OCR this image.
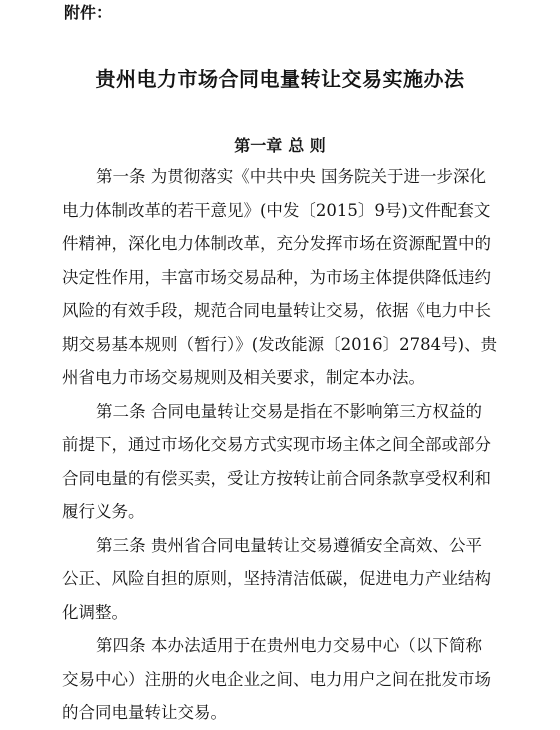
附件：
贵州电力市场合同电量转让交易实施办法
第一章 总 则
第一条 为贯彻落实《中共中央 国务院关于进一步深化
电力体制改革的若干意见》(中发〔2015〕9号)文件配套文
件精神，深化电力体制改革，充分发挥市场在资源配置中的
决定性作用，丰富市场交易品种，为市场主体提供降低违约
风险的有效手段，规范合同电量转让交易，依据《电力中长
期交易基本规则（暂行）》(发改能源〔2016〕2784号)、贵
州省电力市场交易规则及相关要求，制定本办法。
第二条 合同电量转让交易是指在不影响第三方权益的
前提下，通过市场化交易方式实现市场主体之间全部或部分
合同电量的有偿买卖，受让方按转让前合同条款享受权利和
履行义务。
第三条 贵州省合同电量转让交易遵循安全高效、公平
公正、风险自担的原则，坚持清洁低碳，促进电力产业结构
化调整。
第四条 本办法适用于在贵州电力交易中心（以下简称
交易中心）注册的火电企业之间、电力用户之间在批发市场
的合同电量转让交易。
